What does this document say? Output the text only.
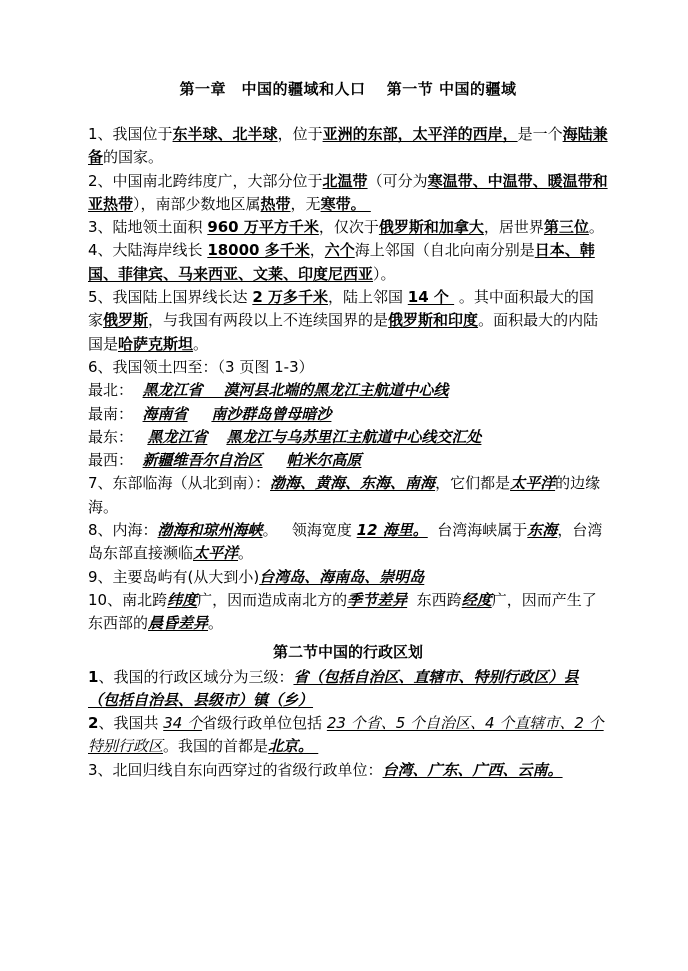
第一章　中国的疆域和人口　 第一节 中国的疆域

1、我国位于东半球、北半球，位于亚洲的东部，太平洋的西岸，是一个海陆兼备的国家。

2、中国南北跨纬度广，大部分位于北温带（可分为寒温带、中温带、暖温带和亚热带），南部少数地区属热带，无寒带。

3、陆地领土面积 960 万平方千米，仅次于俄罗斯和加拿大，居世界第三位。

4、大陆海岸线长 18000 多千米，六个海上邻国（自北向南分别是日本、韩国、菲律宾、马来西亚、文莱、印度尼西亚）。

5、我国陆上国界线长达 2 万多千米，陆上邻国 14 个  。其中面积最大的国家俄罗斯，与我国有两段以上不连续国界的是俄罗斯和印度。面积最大的内陆国是哈萨克斯坦。

6、我国领土四至：（3 页图 1-3）

最北：  黑龙江省    漠河县北端的黑龙江主航道中心线

最南：  海南省 南沙群岛曾母暗沙

最东：   黑龙江省 黑龙江与乌苏里江主航道中心线交汇处

最西：  新疆维吾尔自治区 帕米尔高原

7、东部临海（从北到南）：渤海、黄海、东海、南海，它们都是太平洋的边缘海。

8、内海：渤海和琼州海峡。   领海宽度 12 海里。  台湾海峡属于东海，台湾岛东部直接濒临太平洋。

9、主要岛屿有(从大到小)台湾岛、海南岛、崇明岛

10、南北跨纬度广，因而造成南北方的季节差异  东西跨经度广，因而产生了东西部的晨昏差异。

第二节中国的行政区划

1、我国的行政区域分为三级：省（包括自治区、直辖市、特别行政区）县（包括自治县、县级市）镇（乡）

2、我国共 34 个省级行政单位包括 23 个省、5 个自治区、4 个直辖市、2 个特别行政区。我国的首都是北京。

3、北回归线自东向西穿过的省级行政单位：台湾、广东、广西、云南。
